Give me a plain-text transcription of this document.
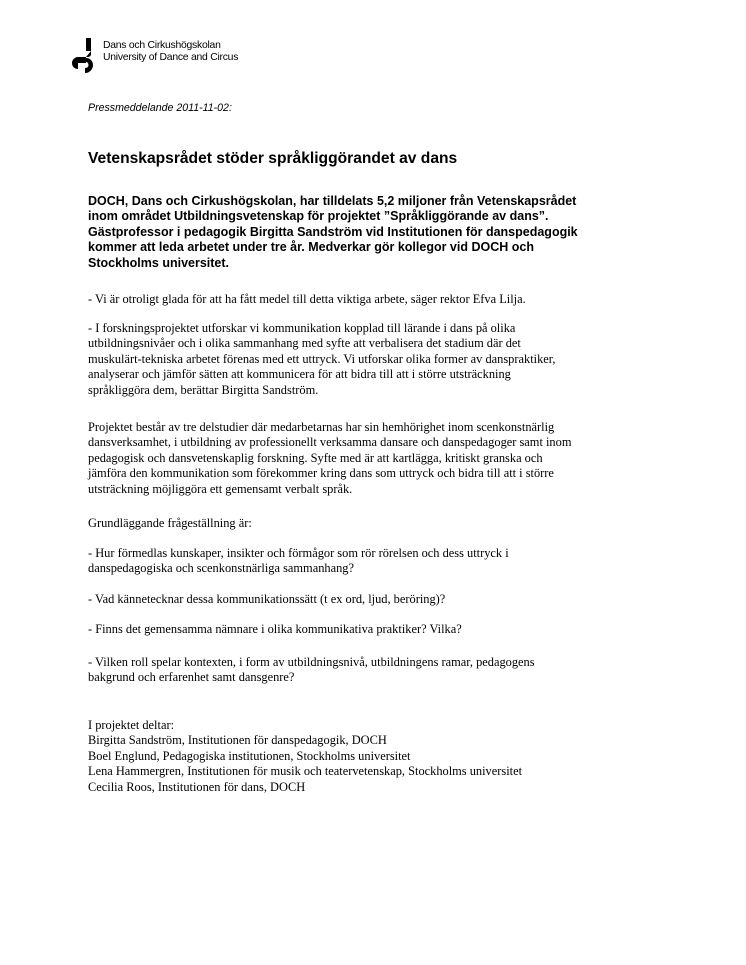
Dans och Cirkushögskolan
University of Dance and Circus
Pressmeddelande 2011-11-02:
Vetenskapsrådet stöder språkliggörandet av dans

DOCH, Dans och Cirkushögskolan, har tilldelats 5,2 miljoner från Vetenskapsrådet
inom området Utbildningsvetenskap för projektet ”Språkliggörande av dans”.
Gästprofessor i pedagogik Birgitta Sandström vid Institutionen för danspedagogik
kommer att leda arbetet under tre år. Medverkar gör kollegor vid DOCH och
Stockholms universitet.

- Vi är otroligt glada för att ha fått medel till detta viktiga arbete, säger rektor Efva Lilja.

- I forskningsprojektet utforskar vi kommunikation kopplad till lärande i dans på olika
utbildningsnivåer och i olika sammanhang med syfte att verbalisera det stadium där det
muskulärt-tekniska arbetet förenas med ett uttryck. Vi utforskar olika former av danspraktiker,
analyserar och jämför sätten att kommunicera för att bidra till att i större utsträckning
språkliggöra dem, berättar Birgitta Sandström.

Projektet består av tre delstudier där medarbetarnas har sin hemhörighet inom scenkonstnärlig
dansverksamhet, i utbildning av professionellt verksamma dansare och danspedagoger samt inom
pedagogisk och dansvetenskaplig forskning. Syfte med är att kartlägga, kritiskt granska och
jämföra den kommunikation som förekommer kring dans som uttryck och bidra till att i större
utsträckning möjliggöra ett gemensamt verbalt språk.

Grundläggande frågeställning är:

- Hur förmedlas kunskaper, insikter och förmågor som rör rörelsen och dess uttryck i
danspedagogiska och scenkonstnärliga sammanhang?

- Vad kännetecknar dessa kommunikationssätt (t ex ord, ljud, beröring)?

- Finns det gemensamma nämnare i olika kommunikativa praktiker? Vilka?

- Vilken roll spelar kontexten, i form av utbildningsnivå, utbildningens ramar, pedagogens
bakgrund och erfarenhet samt dansgenre?

I projektet deltar:
Birgitta Sandström, Institutionen för danspedagogik, DOCH
Boel Englund, Pedagogiska institutionen, Stockholms universitet
Lena Hammergren, Institutionen för musik och teatervetenskap, Stockholms universitet
Cecilia Roos, Institutionen för dans, DOCH
